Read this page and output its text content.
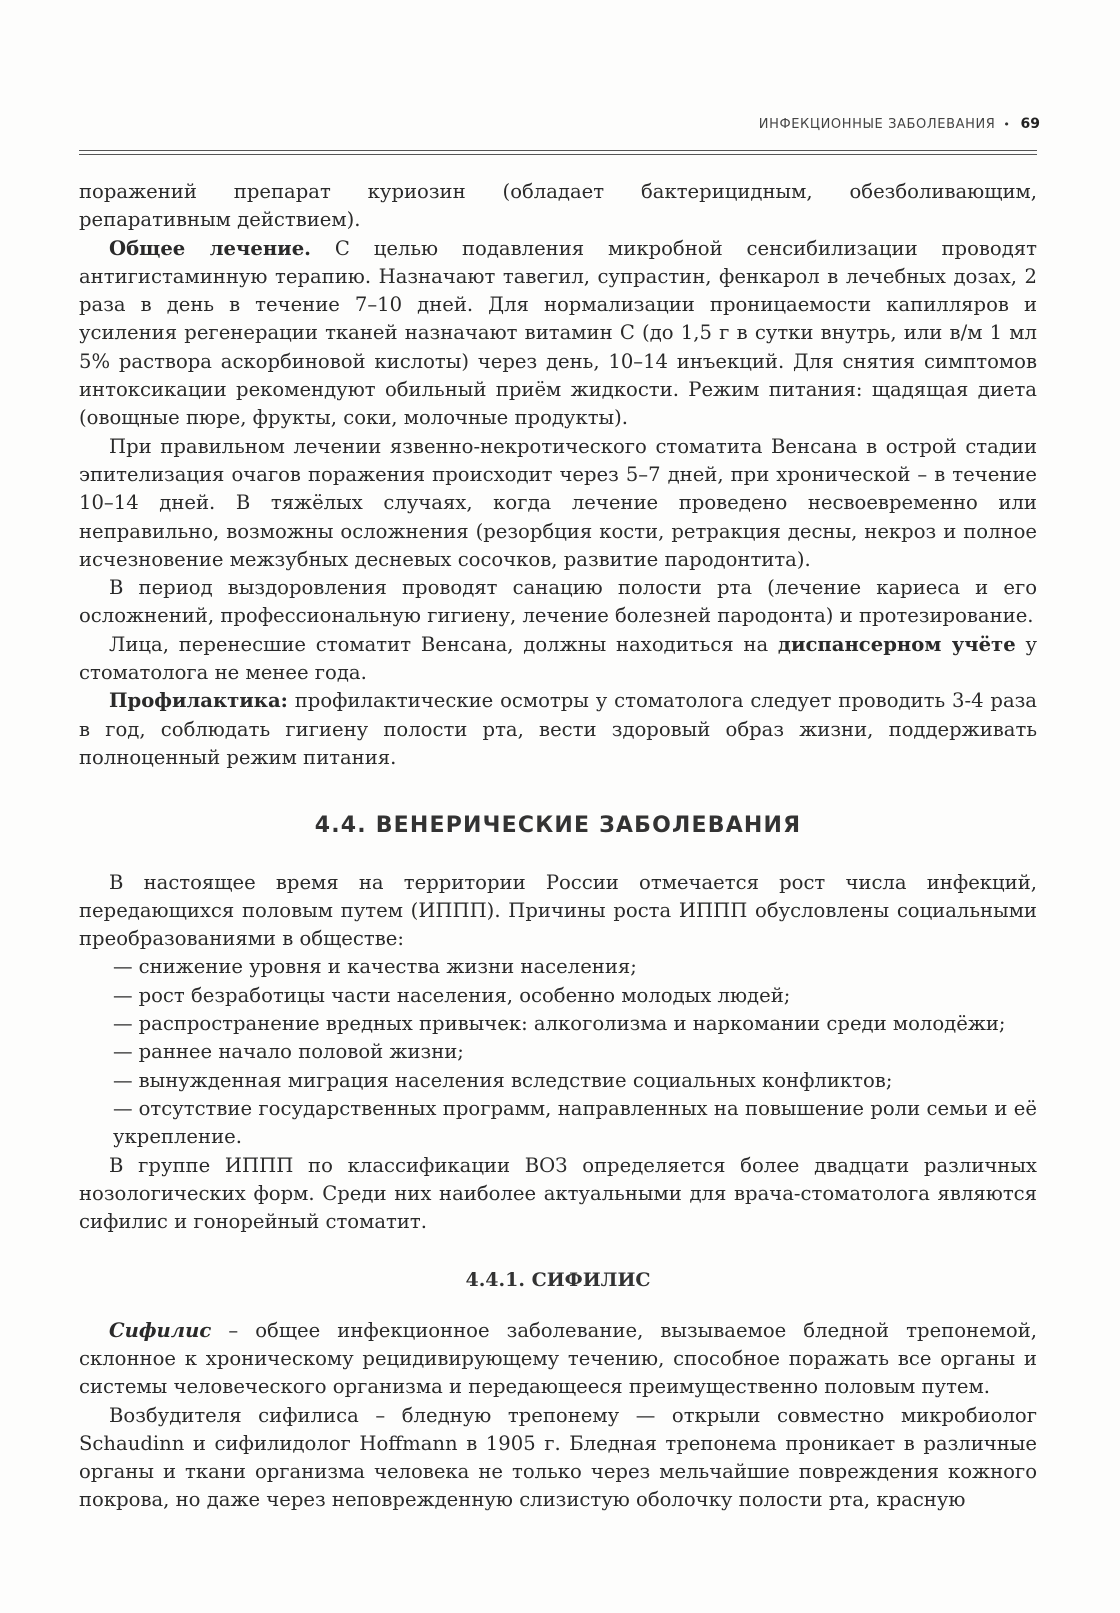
ИНФЕКЦИОННЫЕ ЗАБОЛЕВАНИЯ • 69

поражений препарат куриозин (обладает бактерицидным, обезболивающим, репаративным действием).

Общее лечение. С целью подавления микробной сенсибилизации проводят антигистаминную терапию. Назначают тавегил, супрастин, фенкарол в лечебных дозах, 2 раза в день в течение 7–10 дней. Для нормализации проницаемости капилляров и усиления регенерации тканей назначают витамин С (до 1,5 г в сутки внутрь, или в/м 1 мл 5% раствора аскорбиновой кислоты) через день, 10–14 инъекций. Для снятия симптомов интоксикации рекомендуют обильный приём жидкости. Режим питания: щадящая диета (овощные пюре, фрукты, соки, молочные продукты).

При правильном лечении язвенно-некротического стоматита Венсана в острой стадии эпителизация очагов поражения происходит через 5–7 дней, при хронической – в течение 10–14 дней. В тяжёлых случаях, когда лечение проведено несвоевременно или неправильно, возможны осложнения (резорбция кости, ретракция десны, некроз и полное исчезновение межзубных десневых сосочков, развитие пародонтита).

В период выздоровления проводят санацию полости рта (лечение кариеса и его осложнений, профессиональную гигиену, лечение болезней пародонта) и протезирование.

Лица, перенесшие стоматит Венсана, должны находиться на диспансерном учёте у стоматолога не менее года.

Профилактика: профилактические осмотры у стоматолога следует проводить 3-4 раза в год, соблюдать гигиену полости рта, вести здоровый образ жизни, поддерживать полноценный режим питания.

4.4. ВЕНЕРИЧЕСКИЕ ЗАБОЛЕВАНИЯ

В настоящее время на территории России отмечается рост числа инфекций, передающихся половым путем (ИППП). Причины роста ИППП обусловлены социальными преобразованиями в обществе:

— снижение уровня и качества жизни населения;
— рост безработицы части населения, особенно молодых людей;
— распространение вредных привычек: алкоголизма и наркомании среди молодёжи;
— раннее начало половой жизни;
— вынужденная миграция населения вследствие социальных конфликтов;
— отсутствие государственных программ, направленных на повышение роли семьи и её укрепление.

В группе ИППП по классификации ВОЗ определяется более двадцати различных нозологических форм. Среди них наиболее актуальными для врача-стоматолога являются сифилис и гонорейный стоматит.

4.4.1. СИФИЛИС

Сифилис – общее инфекционное заболевание, вызываемое бледной трепонемой, склонное к хроническому рецидивирующему течению, способное поражать все органы и системы человеческого организма и передающееся преимущественно половым путем.

Возбудителя сифилиса – бледную трепонему — открыли совместно микробиолог Schaudinn и сифилидолог Hoffmann в 1905 г. Бледная трепонема проникает в различные органы и ткани организма человека не только через мельчайшие повреждения кожного покрова, но даже через неповрежденную слизистую оболочку полости рта, красную
